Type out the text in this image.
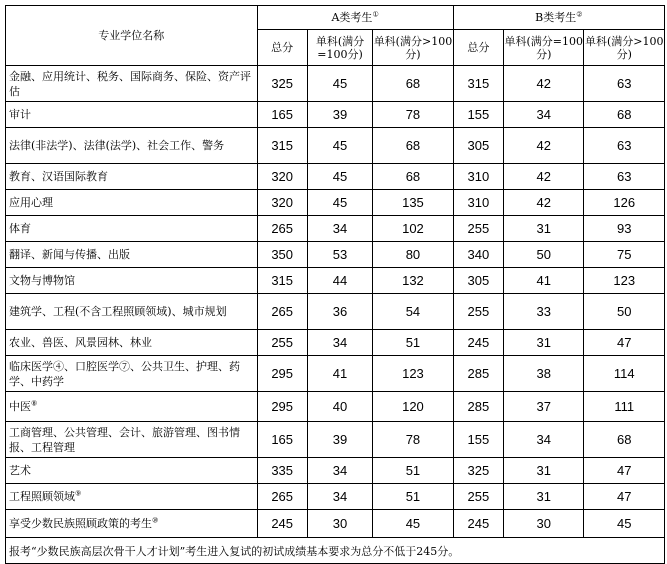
专业学位名称	A类考生①			B类考生②
	总分	单科(满分=100分)	单科(满分>100分)	总分	单科(满分=100分)	单科(满分>100分)
金融、应用统计、税务、国际商务、保险、资产评估	325	45	68		315	42	63
审计	165	39	78		155	34	68
法律(非法学)、法律(法学)、社会工作、警务	315	45	68		305	42	63
教育、汉语国际教育	320	45	68		310	42	63
应用心理	320	45	135		310	42	126
体育	265	34	102		255	31	93
翻译、新闻与传播、出版	350	53	80		340	50	75
文物与博物馆	315	44	132		305	41	123
建筑学、工程(不含工程照顾领域)、城市规划	265	36	54		255	33	50
农业、兽医、风景园林、林业	255	34	51		245	31	47
临床医学④、口腔医学⑦、公共卫生、护理、药学、中药学	295	41	123		285	38	114
中医⑧	295	40	120		285	37	111
工商管理、公共管理、会计、旅游管理、图书情报、工程管理	165	39	78		155	34	68
艺术	335	34	51		325	31	47
工程照顾领域⑨	265	34	51		255	31	47
享受少数民族照顾政策的考生⑩	245	30	45		245	30	45
报考“少数民族高层次骨干人才计划”考生进入复试的初试成绩基本要求为总分不低于245分。						
